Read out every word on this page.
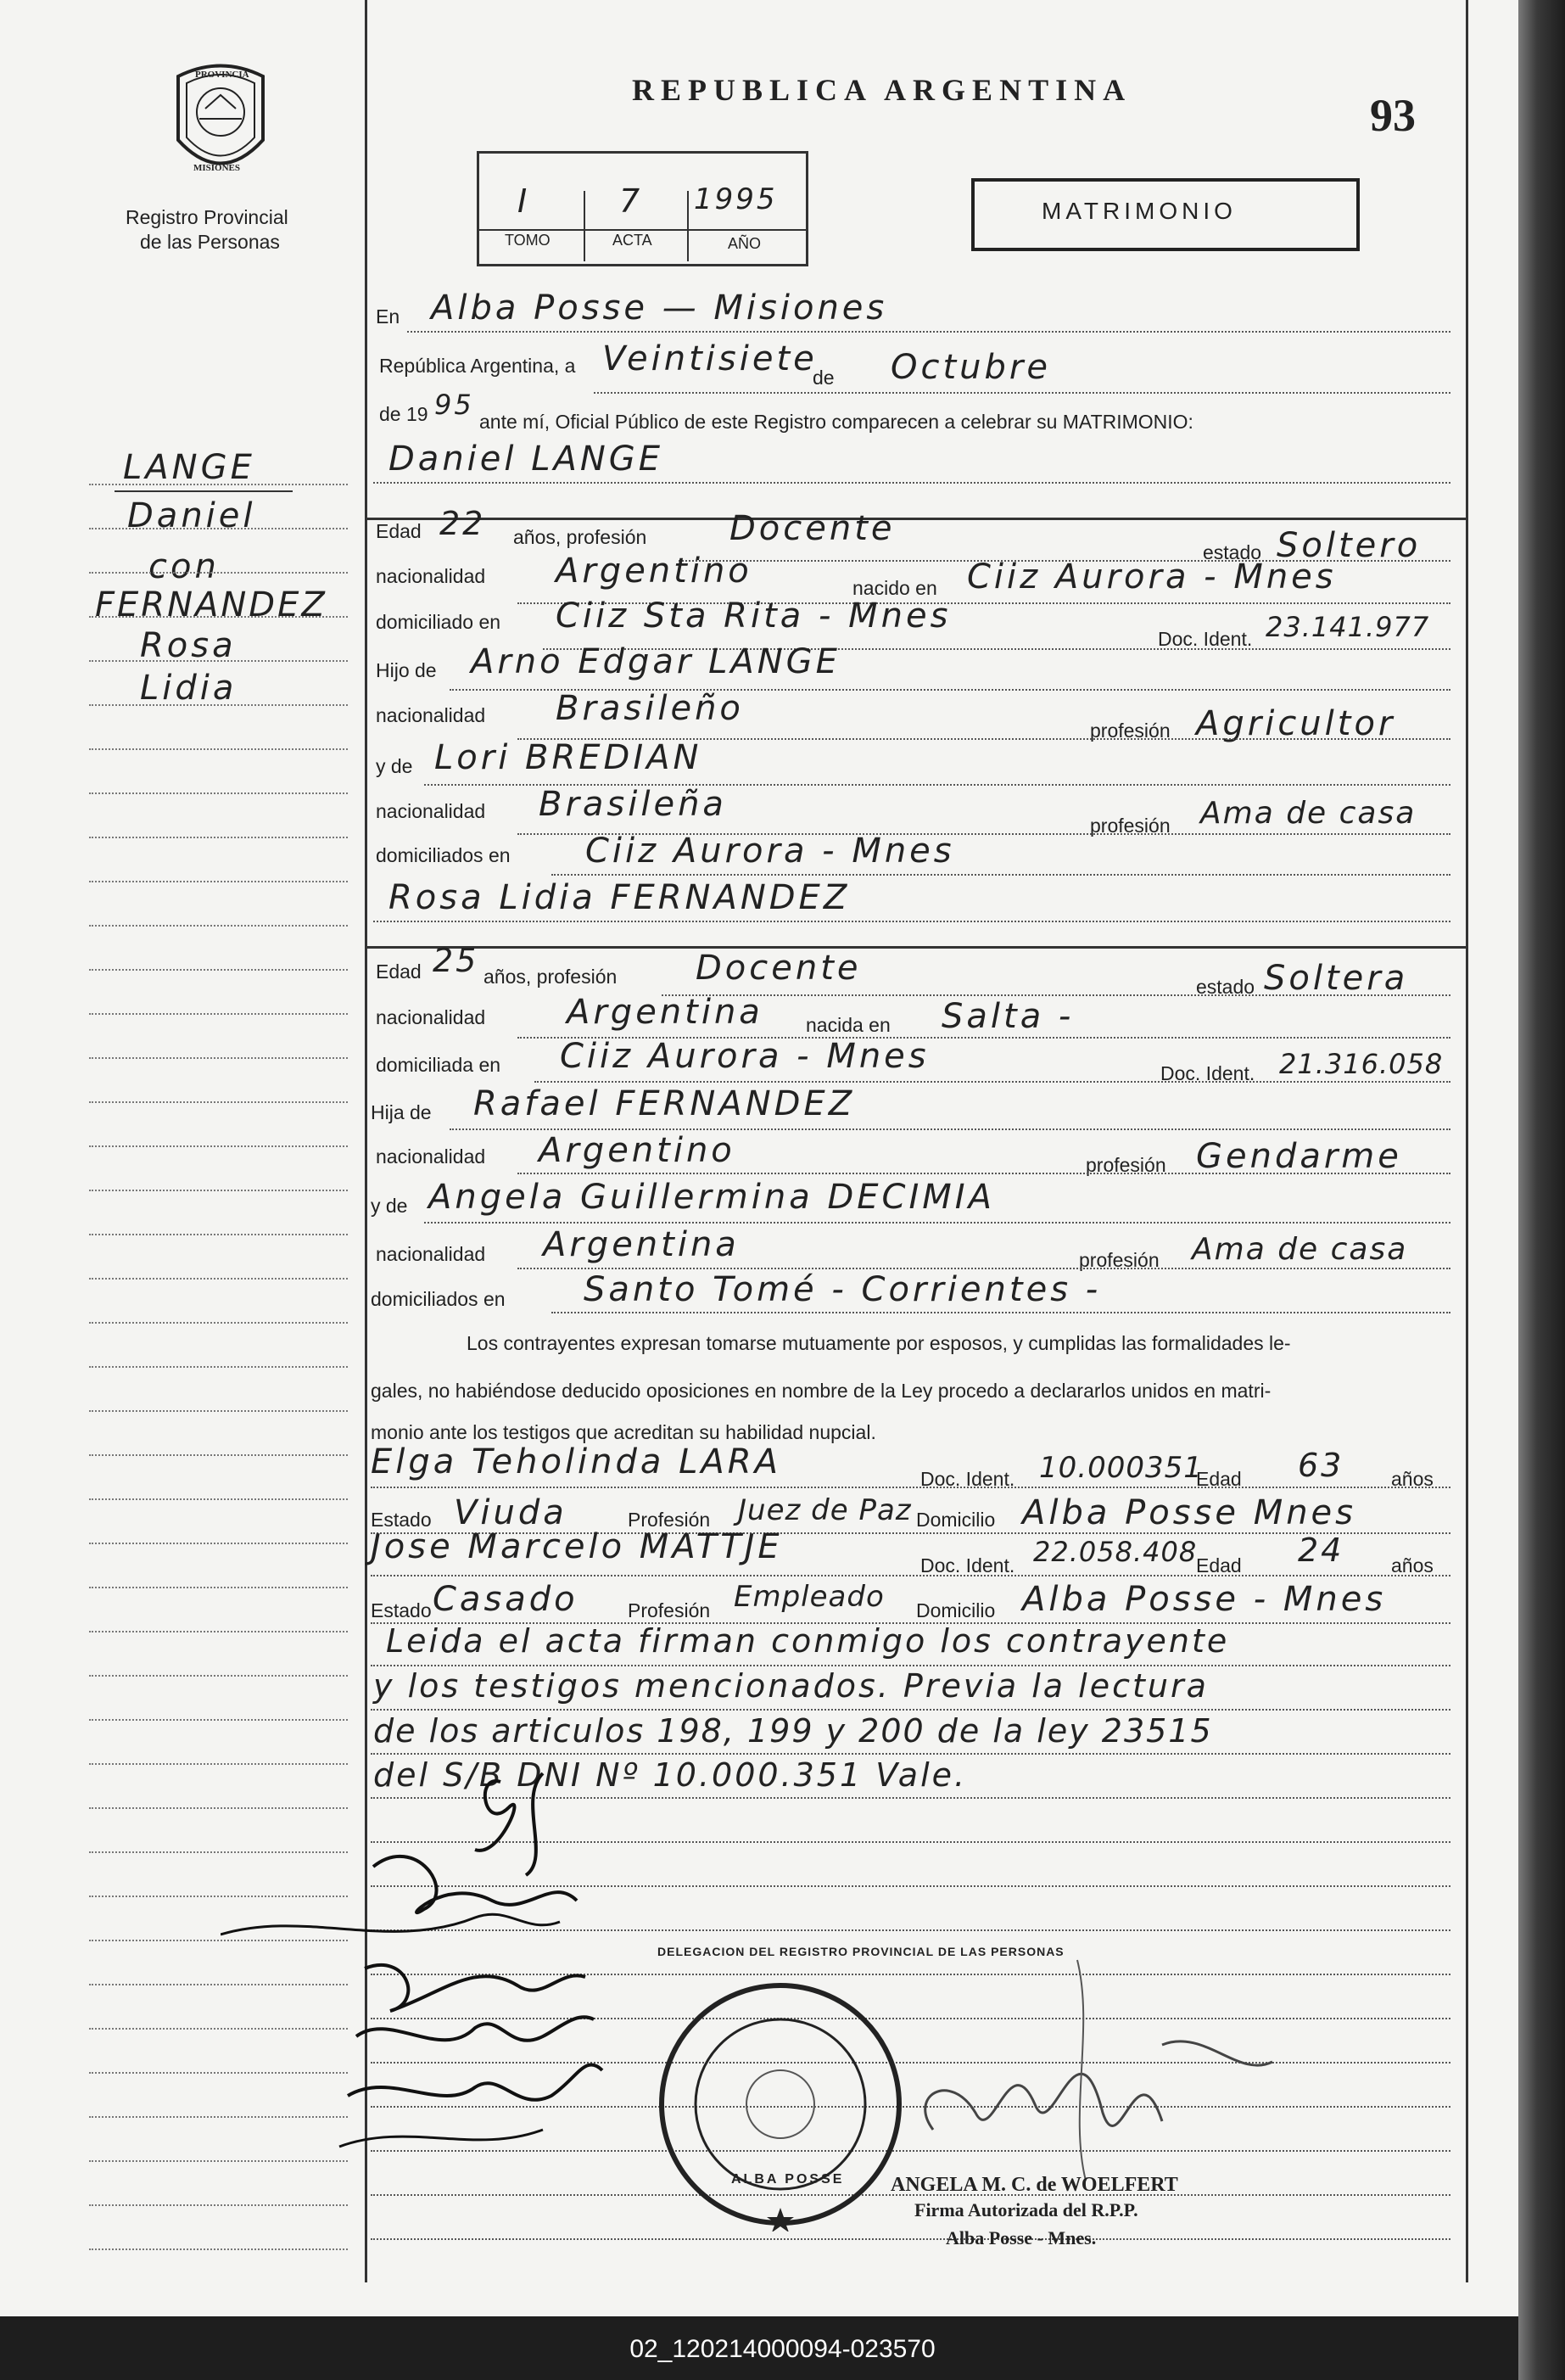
02_120214000094-023570
PROVINCIA
MISIONES
Registro Provincial
de las Personas
REPUBLICA ARGENTINA	93
I	7 1995
TOMO	ACTA	AÑO
MATRIMONIO
LANGE
Daniel
con
FERNANDEZ
Rosa
Lidia
En Alba Posse — Misiones
República Argentina, a Veintisiete
de Octubre
de 19 95
ante mí, Oficial Público de este Registro comparecen a celebrar su MATRIMONIO:
Daniel LANGE
Edad 22 años, profesión Docente
estado Soltero
nacionalidad Argentino	nacido en Ciiz Aurora - Mnes
domiciliado en Ciiz Sta Rita - Mnes
Doc. Ident. 23.141.977
Hijo de Arno Edgar LANGE
nacionalidad Brasileño
profesión Agricultor
y de Lori BREDIAN
nacionalidad Brasileña
profesión Ama de casa
domiciliados en Ciiz Aurora - Mnes
Rosa Lidia FERNANDEZ
Edad 25 años, profesión Docente	estado Soltera
nacionalidad Argentina nacida en Salta -
domiciliada en Ciiz Aurora - Mnes	Doc. Ident. 21.316.058
Hija de Rafael FERNANDEZ
nacionalidad Argentino	profesión Gendarme
y de Angela Guillermina DECIMIA
nacionalidad Argentina	profesión Ama de casa
domiciliados en Santo Tomé - Corrientes -
Los contrayentes expresan tomarse mutuamente por esposos, y cumplidas las formalidades le-
gales, no habiéndose deducido oposiciones en nombre de la Ley procedo a declararlos unidos en matri-
monio ante los testigos que acreditan su habilidad nupcial.
Elga Teholinda LARA	Doc. Ident. 10.000351
Edad 63 años
Estado Viuda	Profesión Juez de Paz Domicilio Alba Posse Mnes
Jose Marcelo MATTJE	Doc. Ident. 22.058.408
Edad 24 años
Estado Casado	Profesión Empleado Domicilio Alba Posse - Mnes
Leida el acta firman conmigo los contrayente
y los testigos mencionados. Previa la lectura
de los articulos 198, 199 y 200 de la ley 23515
del S/B DNI Nº 10.000.351 Vale.
DELEGACION DEL REGISTRO PROVINCIAL DE LAS PERSONAS
ALBA POSSE ANGELA M. C. de WOELFERT
Firma Autorizada del R.P.P.
Alba Posse - Mnes.
